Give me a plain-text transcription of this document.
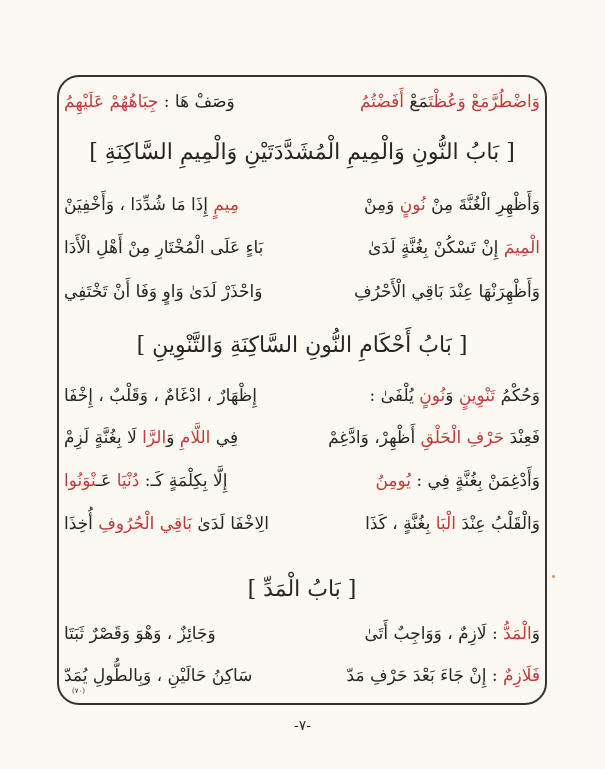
وَاضْطُرَّمَعْ وَعُظْتَمَعْ أَفَضْتُمُ
وَصَفْ هَا : جِبَاهُهُمْ عَلَيْهِمُ
[ بَابُ النُّونِ وَالْمِيمِ الْمُشَدَّدَتَيْنِ وَالْمِيمِ السَّاكِنَةِ ]
وَأَظْهِرِ الْغُنَّةَ مِنْ نُونٍ وَمِنْ
مِيمٍ إِذَا مَا شُدِّدَا ، وَأَخْفِيَنْ
الْمِيمَ إِنْ تَسْكُنْ بِغُنَّةٍ لَدَىٰ
بَاءٍ عَلَى الْمُخْتَارِ مِنْ أَهْلِ الْأَدَا
وَأَظْهِرَنْهَا عِنْدَ بَاقِي الْأَحْرُفِ
وَاحْذَرْ لَدَىٰ وَاوٍ وَفَا أَنْ تَخْتَفِي
[ بَابُ أَحْكَامِ النُّونِ السَّاكِنَةِ وَالتَّنْوِينِ ]
وَحُكْمُ تَنْوِينٍ وَنُونٍ يُلْفَىٰ :
إِظْهَارٌ ، ادْغَامٌ ، وَقَلْبٌ ، إِخْفَا
فَعِنْدَ حَرْفِ الْحَلْقِ أَظْهِرْ، وَادَّغِمْ
فِي اللَّامِ وَالرَّا لَا بِغُنَّةٍ لَزِمْ
وَأَدْغِمَنْ بِغُنَّةٍ فِي : يُومِنُ
إِلَّا بِكِلْمَةٍ كَـ: دُنْيَا عَـنْوَنُوا
وَالْقَلْبُ عِنْدَ الْبَا بِغُنَّةٍ ، كَذَا
الِاخْفَا لَدَىٰ بَاقِي الْحُرُوفِ أُخِذَا
[ بَابُ الْمَدِّ ]
وَالْمَدُّ : لَازِمٌ ، وَوَاجِبٌ أَتَىٰ
وَجَائِزٌ ، وَهْوَ وَقَصْرٌ ثَبَتَا
فَلَازِمٌ : إِنْ جَاءَ بَعْدَ حَرْفِ مَدّ
سَاكِنُ حَالَيْنِ ، وَبِالطُّولِ يُمَدّ
(٧٠)
-٧-
